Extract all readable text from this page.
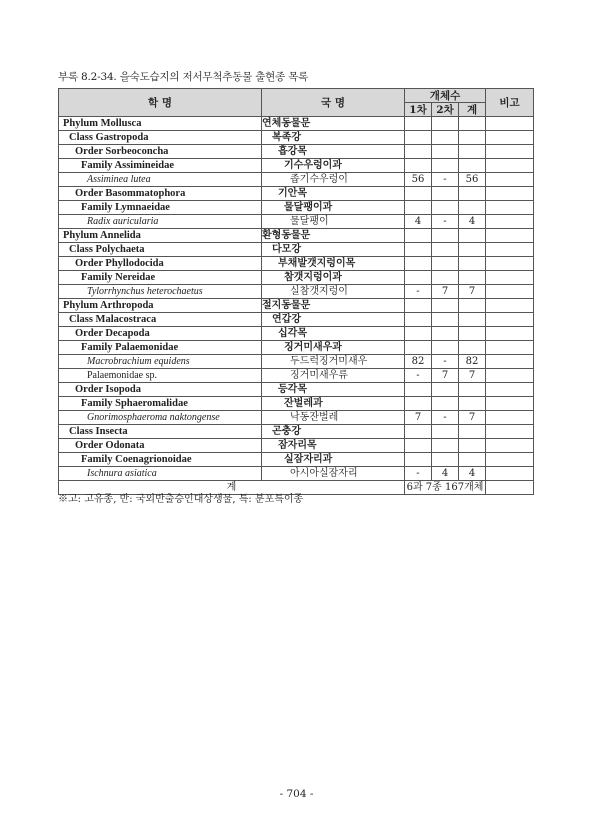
부록 8.2-34. 을숙도습지의 저서무척추동물 출현종 목록
학 명	국 명	개체수			비고
		1차	2차	계	
Phylum Mollusca	연체동물문				
Class Gastropoda	복족강				
Order Sorbeoconcha	흡강목				
Family Assimineidae	기수우렁이과				
Assiminea lutea	좁기수우렁이	56	-	56	
Order Basommatophora	기안목				
Family Lymnaeidae	물달팽이과				
Radix auricularia	물달팽이	4	-	4	
Phylum Annelida	환형동물문				
Class Polychaeta	다모강				
Order Phyllodocida	부채발갯지렁이목				
Family Nereidae	참갯지렁이과				
Tylorrhynchus heterochaetus	실참갯지렁이	-	7	7	
Phylum Arthropoda	절지동물문				
Class Malacostraca	연갑강				
Order Decapoda	십각목				
Family Palaemonidae	징거미새우과				
Macrobrachium equidens	두드럭징거미새우	82	-	82	
Palaemonidae sp.	징거미새우류	-	7	7	
Order Isopoda	등각목				
Family Sphaeromalidae	잔벌레과				
Gnorimosphaeroma naktongense	낙동잔벌레	7	-	7	
Class Insecta	곤충강				
Order Odonata	잠자리목				
Family Coenagrionoidae	실잠자리과				
Ischnura asiatica	아시아실잠자리	-	4	4	
계		6과 7종 167개체			
※고: 고유종, 반: 국외반출승인대상생물, 특: 분포특이종
- 704 -
